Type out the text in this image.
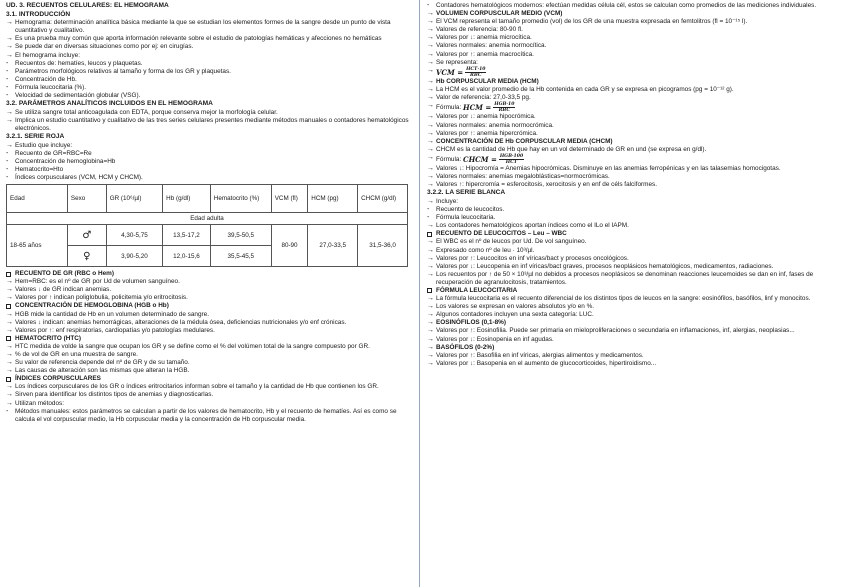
UD. 3. RECUENTOS CELULARES: EL HEMOGRAMA
3.1. INTRODUCCIÓN
→ Hemograma: determinación analítica básica mediante la que se estudian los elementos formes de la sangre desde un punto de vista cuantitativo y cualitativo.
→ Es una prueba muy común que aporta información relevante sobre el estudio de patologías hemáticas y afecciones no hemáticas
→ Se puede dar en diversas situaciones como por ej: en cirugías.
→ El hemograma incluye:
-	Recuentos de: hematíes, leucos y plaquetas.
-	Parámetros morfológicos relativos al tamaño y forma de los GR y plaquetas.
-	Concentración de Hb.
-	Fórmula leucocitaria (%).
-	Velocidad de sedimentación globular (VSG).
3.2. PARÁMETROS ANALÍTICOS INCLUIDOS EN EL HEMOGRAMA
→ Se utiliza sangre total anticoagulada con EDTA, porque conserva mejor la morfología celular.
→ Implica un estudio cuantitativo y cualitativo de las tres series celulares presentes mediante métodos manuales o contadores hematológicos electrónicos.
3.2.1. SERIE ROJA
→ Estudio que incluye:
-	Recuento de GR=RBC=Re
-	Concentración de hemoglobina=Hb
-	Hematocrito=Hto
-	Índices corpusculares (VCM, HCM y CHCM).
Edad	Sexo	GR (10⁶/µl)	Hb (g/dl)	Hematocrito (%)	VCM (fl)	HCM (pg)	CHCM (g/dl)
Edad adulta							
18-65 años	♂	4,30-5,75	13,5-17,2	39,5-50,5	80-90	27,0-33,5	31,5-36,0
	♀	3,90-5,20	12,0-15,6	35,5-45,5			
RECUENTO DE GR (RBC o Hem)
→ Hem=RBC: es el nº de GR por Ud de volumen sanguíneo.
→ Valores ↓ de GR indican anemias.
→ Valores por ↑ indican poliglobulia, policitemia y/o eritrocitosis.
CONCENTRACIÓN DE HEMOGLOBINA (HGB o Hb)
→ HGB mide la cantidad de Hb en un volumen determinado de sangre.
→ Valores ↓ indican: anemias hemorrágicas, alteraciones de la médula ósea, deficiencias nutricionales y/o enf crónicas.
→ Valores por ↑: enf respiratorias, cardiopatías y/o patologías medulares.
HEMATOCRITO (HTC)
→ HTC medida de volde la sangre que ocupan los GR y se define como el % del volúmen total de la sangre compuesto por GR.
→ % de vol de GR en una muestra de sangre.
→ Su valor de referencia depende del nº de GR y de su tamaño.
→ Las causas de alteración son las mismas que alteran la HGB.
ÍNDICES CORPUSCULARES
→ Los índices corpusculares de los GR o índices eritrocitarios informan sobre el tamaño y la cantidad de Hb que contienen los GR.
→ Sirven para identificar los distintos tipos de anemias y diagnosticarlas.
→ Utilizan métodos:
-	Métodos manuales: estos parámetros se calculan a partir de los valores de hematocrito, Hb y el recuento de hematíes. Así es como se calcula el vol corpuscular medio, la Hb corpuscular media y la concentración de Hb corpuscular media.
-	Contadores hematológicos modernos: efectúan medidas célula cél, estos se calculan como promedios de las mediciones individuales.
→ VOLUMEN CORPUSCULAR MEDIO (VCM)
→ El VCM representa el tamaño promedio (vol) de los GR de una muestra expresada en femtolitros (fl = 10⁻¹⁵ l).
→ Valores de referencia: 80-90 fl.
→ Valores por ↓: anemia microcítica.
→ Valores normales: anemia normocítica.
→ Valores por ↑: anemia macrocítica.
→ Se representa:
→ VCM = $\frac{\text{HCT·10}}{\text{RBC}}$
→ Hb CORPUSCULAR MEDIA (HCM)
→ La HCM es el valor promedio de la Hb contenida en cada GR y se expresa en picogramos (pg = 10⁻¹² g).
→ Valor de referencia: 27,0-33,5 pg.
→ Fórmula: HCM = $\frac{\text{HGB·10}}{\text{RBC}}$
→ Valores por ↓: anemia hipocrómica.
→ Valores normales: anemia normocrómica.
→ Valores por ↑: anemia hipercrómica.
→ CONCENTRACIÓN DE Hb CORPUSCULAR MEDIA (CHCM)
→ CHCM es la cantidad de Hb que hay en un vol determinado de GR en und (se expresa en g/dl).
→ Fórmula: CHCM = $\frac{\text{HGB·100}}{\text{HCT}}$
→ Valores ↓: Hipocromía = Anemias hipocrómicas. Disminuye en las anemias ferropénicas y en las talasemias homocigotas.
→ Valores normales: anemias megaloblásticas=normocrómicas.
→ Valores ↑: hipercromía = esferocitosis, xerocitosis y en enf de céls falciformes.
3.2.2. LA SERIE BLANCA
→ Incluye:
-	Recuento de leucocitos.
-	Fórmula leucocitaria.
→ Los contadores hematológicos aportan índices como el ILo el IAPM.
RECUENTO DE LEUCOCITOS – Leu – WBC
→ El WBC es el nº de leucos por Ud. De vol sanguíneo.
→ Expresado como nº de leu · 10³/µl.
→ Valores por ↑: Leucocitos en inf víricas/bact y procesos oncológicos.
→ Valores por ↓: Leucopenia en inf víricas/bact graves, procesos neoplásicos hematológicos, medicamentos, radiaciones.
→ Los recuentos por ↑ de 50 × 10³/µl no debidos a procesos neoplásicos se denominan reacciones leucemoides se dan en inf, fases de recuperación de agranulocitosis, tratamientos.
FÓRMULA LEUCOCITARIA
→ La fórmula leucocitaria es el recuento diferencial de los distintos tipos de leucos en la sangre: eosinófilos, basófilos, linf y monocitos.
→ Los valores se expresan en valores absolutos y/o en %.
→ Algunos contadores incluyen una sexta categoría: LUC.
→ EOSINÓFILOS (0,1-8%)
→ Valores por ↑: Eosinofilia. Puede ser primaria en mieloproliferaciones o secundaria en inflamaciones, inf, alergias, neoplasias...
→ Valores por ↓: Eosinopenia en inf agudas.
→ BASÓFILOS (0-2%)
→ Valores por ↑: Basofilia en inf víricas, alergias alimentos y medicamentos.
→ Valores por ↓: Basopenia en el aumento de glucocorticoides, hipertiroidismo...
